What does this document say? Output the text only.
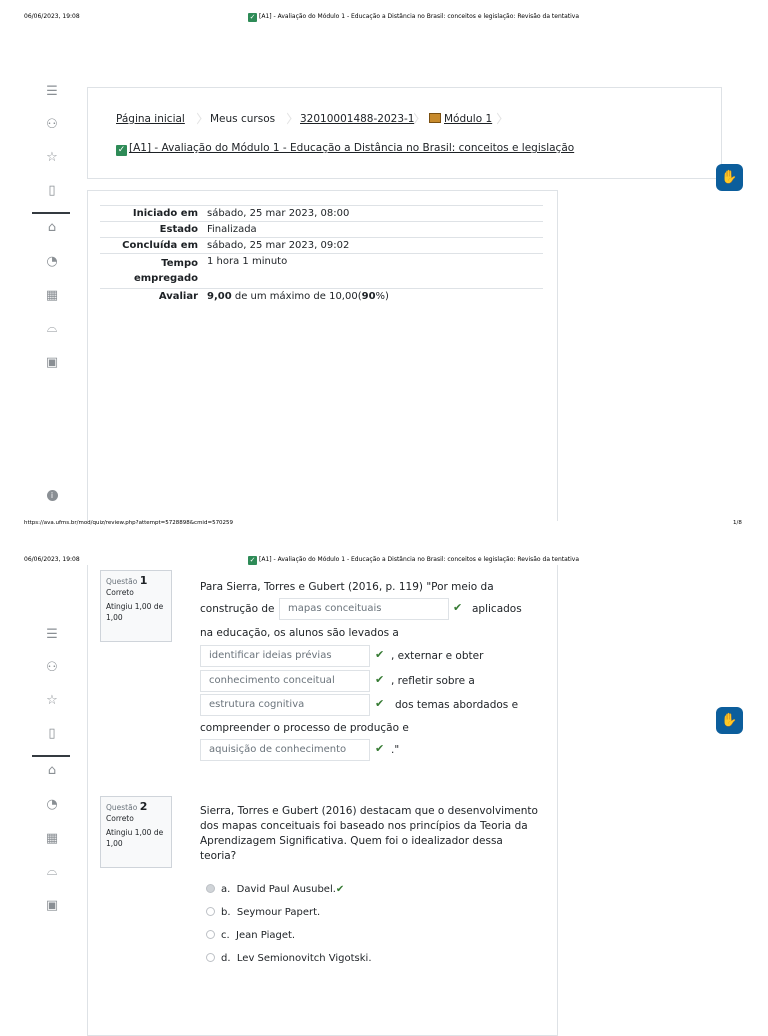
06/06/2023, 19:08	✓ [A1] - Avaliação do Módulo 1 - Educação a Distância no Brasil: conceitos e legislação: Revisão da tentativa
☰
⚇
☆
▯
⌂
◔
▦
⌓
▣
i
Página inicial Meus cursos 32010001488-2023-1	Módulo 1
✓ [A1] - Avaliação do Módulo 1 - Educação a Distância no Brasil: conceitos e legislação
✋
Iniciado em	sábado, 25 mar 2023, 08:00
Estado	Finalizada
Concluída em	sábado, 25 mar 2023, 09:02
Tempo empregado	1 hora 1 minuto
Avaliar	9,00 de um máximo de 10,00(90%)
https://ava.ufms.br/mod/quiz/review.php?attempt=5728898&cmid=570259	1/8
06/06/2023, 19:08	✓ [A1] - Avaliação do Módulo 1 - Educação a Distância no Brasil: conceitos e legislação: Revisão da tentativa
☰
⚇
☆
▯
⌂
◔
▦
⌓
▣
✋
Questão 1
Correto
Atingiu 1,00 de 1,00
Para Sierra, Torres e Gubert (2016, p. 119) "Por meio da
construção de	mapas conceituais	✔ aplicados
na educação, os alunos são levados a
identificar ideias prévias	✔ , externar e obter
conhecimento conceitual	✔ , refletir sobre a
estrutura cognitiva	✔ dos temas abordados e
compreender o processo de produção e
aquisição de conhecimento	✔ ."
Questão 2
Correto
Atingiu 1,00 de 1,00
Sierra, Torres e Gubert (2016) destacam que o desenvolvimento
dos mapas conceituais foi baseado nos princípios da Teoria da
Aprendizagem Significativa. Quem foi o idealizador dessa
teoria?
a. David Paul Ausubel.✔
b. Seymour Papert.
c. Jean Piaget.
d. Lev Semionovitch Vigotski.
